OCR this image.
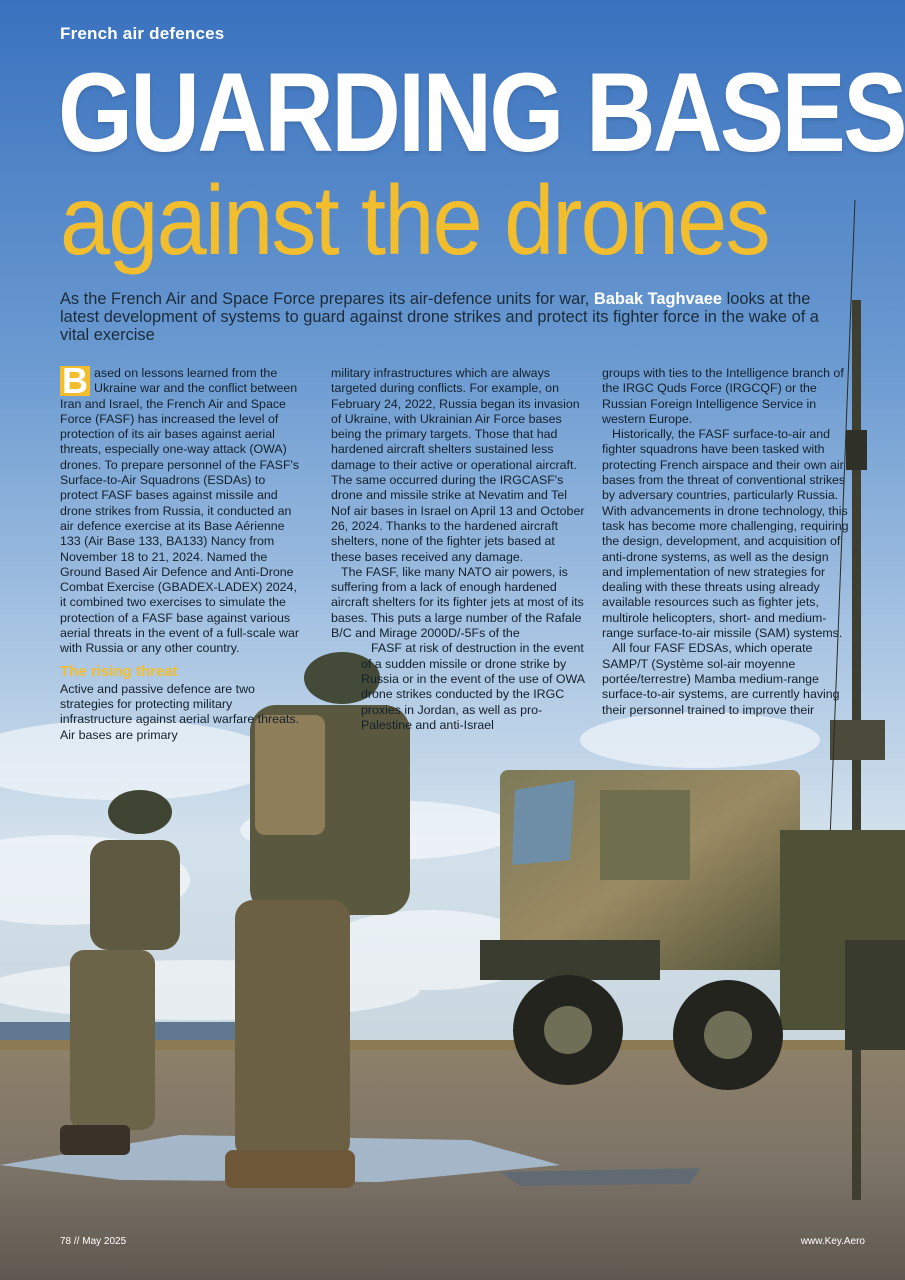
French air defences
GUARDING BASES
against the drones
As the French Air and Space Force prepares its air-defence units for war, Babak Taghvaee looks at the latest development of systems to guard against drone strikes and protect its fighter force in the wake of a vital exercise

B ased on lessons learned from the Ukraine war and the conflict between Iran and Israel, the French Air and Space Force (FASF) has increased the level of protection of its air bases against aerial threats, especially one-way attack (OWA) drones. To prepare personnel of the FASF's Surface-to-Air Squadrons (ESDAs) to protect FASF bases against missile and drone strikes from Russia, it conducted an air defence exercise at its Base Aérienne 133 (Air Base 133, BA133) Nancy from November 18 to 21, 2024. Named the Ground Based Air Defence and Anti-Drone Combat Exercise (GBADEX-LADEX) 2024, it combined two exercises to simulate the protection of a FASF base against various aerial threats in the event of a full-scale war with Russia or any other country.

The rising threat

Active and passive defence are two strategies for protecting military infrastructure against aerial warfare threats. Air bases are primary

military infrastructures which are always targeted during conflicts. For example, on February 24, 2022, Russia began its invasion of Ukraine, with Ukrainian Air Force bases being the primary targets. Those that had hardened aircraft shelters sustained less damage to their active or operational aircraft. The same occurred during the IRGCASF's drone and missile strike at Nevatim and Tel Nof air bases in Israel on April 13 and October 26, 2024. Thanks to the hardened aircraft shelters, none of the fighter jets based at these bases received any damage.

The FASF, like many NATO air powers, is suffering from a lack of enough hardened aircraft shelters for its fighter jets at most of its bases. This puts a large number of the Rafale B/C and Mirage 2000D/-5Fs of the

FASF at risk of destruction in the event of a sudden missile or drone strike by Russia or in the event of the use of OWA drone strikes conducted by the IRGC proxies in Jordan, as well as pro-Palestine and anti-Israel

groups with ties to the Intelligence branch of the IRGC Quds Force (IRGCQF) or the Russian Foreign Intelligence Service in western Europe.

Historically, the FASF surface-to-air and fighter squadrons have been tasked with protecting French airspace and their own air bases from the threat of conventional strikes by adversary countries, particularly Russia. With advancements in drone technology, this task has become more challenging, requiring the design, development, and acquisition of anti-drone systems, as well as the design and implementation of new strategies for dealing with these threats using already available resources such as fighter jets, multirole helicopters, short- and medium-range surface-to-air missile (SAM) systems.

All four FASF EDSAs, which operate SAMP/T (Système sol-air moyenne portée/terrestre) Mamba medium-range surface-to-air systems, are currently having their personnel trained to improve their

78 // May 2025	www.Key.Aero
